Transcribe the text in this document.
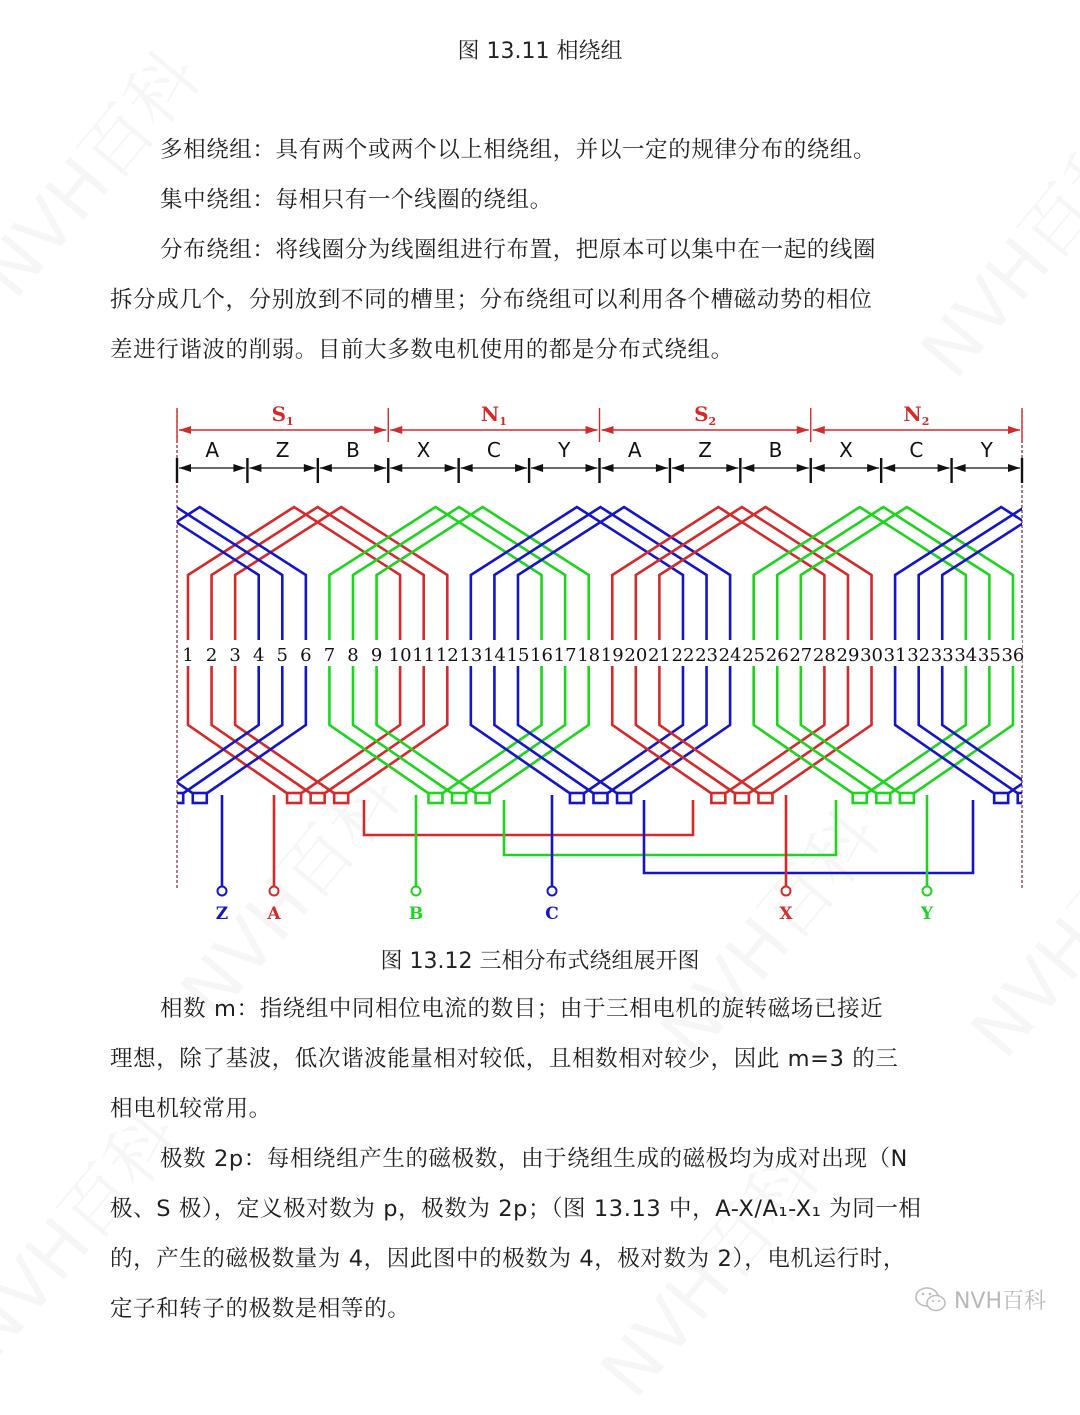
图 13.11 相绕组
多相绕组：具有两个或两个以上相绕组，并以一定的规律分布的绕组。
集中绕组：每相只有一个线圈的绕组。
分布绕组：将线圈分为线圈组进行布置，把原本可以集中在一起的线圈
拆分成几个，分别放到不同的槽里；分布绕组可以利用各个槽磁动势的相位
差进行谐波的削弱。目前大多数电机使用的都是分布式绕组。
$S_1$	$N_1$	$S_2$	$N_2$
A	Z	B	X	C	Y	A	Z	B	X	C	Y
1 2 3 4 5 6 7 8 9 10 11 12 13 14 15 16 17 18 19 20 21 22 23 24 25 26 27 28 29 30 31 32 33 34 35 36
Z A	B	C	X	Y
图 13.12 三相分布式绕组展开图
相数 m：指绕组中同相位电流的数目；由于三相电机的旋转磁场已接近
理想，除了基波，低次谐波能量相对较低，且相数相对较少，因此 m=3 的三
相电机较常用。
极数 2p：每相绕组产生的磁极数，由于绕组生成的磁极均为成对出现（N
极、S 极），定义极对数为 p，极数为 2p；（图 13.13 中，A-X/A₁-X₁ 为同一相
的，产生的磁极数量为 4，因此图中的极数为 4，极对数为 2），电机运行时，
定子和转子的极数是相等的。	NVH百科
